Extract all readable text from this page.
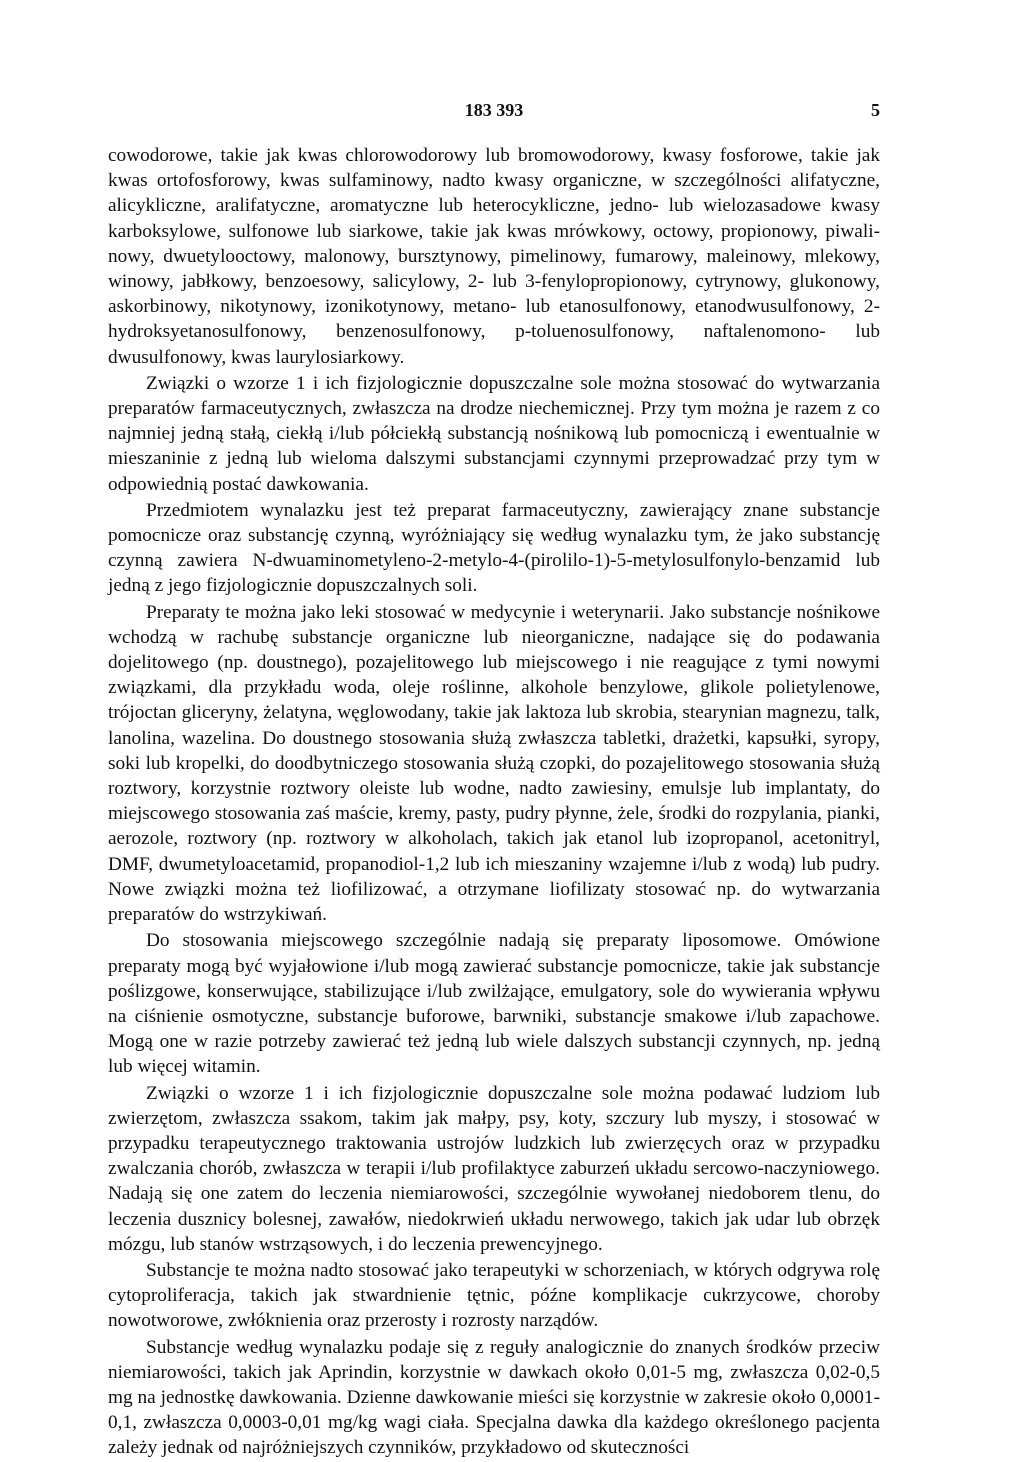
183 393	5

cowodorowe, takie jak kwas chlorowodorowy lub bromowodorowy, kwasy fosforowe, takie jak kwas ortofosforowy, kwas sulfaminowy, nadto kwasy organiczne, w szczególności alifatyczne, alicykliczne, aralifatyczne, aromatyczne lub heterocykliczne, jedno- lub wielozasadowe kwasy karboksylowe, sulfonowe lub siarkowe, takie jak kwas mrówkowy, octowy, propionowy, piwalinowy, dwuetylooctowy, malonowy, bursztynowy, pimelinowy, fumarowy, maleinowy, mlekowy, winowy, jabłkowy, benzoesowy, salicylowy, 2- lub 3-fenylopropionowy, cytrynowy, glukonowy, askorbinowy, nikotynowy, izonikotynowy, metano- lub etanosulfonowy, etanodwusulfonowy, 2-hydroksyetanosulfonowy, benzenosulfonowy, p-toluenosulfonowy, naftalenomono- lub dwusulfonowy, kwas laurylosiarkowy.

Związki o wzorze 1 i ich fizjologicznie dopuszczalne sole można stosować do wytwarzania preparatów farmaceutycznych, zwłaszcza na drodze niechemicznej. Przy tym można je razem z co najmniej jedną stałą, ciekłą i/lub półciekłą substancją nośnikową lub pomocniczą i ewentualnie w mieszaninie z jedną lub wieloma dalszymi substancjami czynnymi przeprowadzać przy tym w odpowiednią postać dawkowania.

Przedmiotem wynalazku jest też preparat farmaceutyczny, zawierający znane substancje pomocnicze oraz substancję czynną, wyróżniający się według wynalazku tym, że jako substancję czynną zawiera N-dwuaminometyleno-2-metylo-4-(pirolilo-1)-5-metylosulfonylo-benzamid lub jedną z jego fizjologicznie dopuszczalnych soli.

Preparaty te można jako leki stosować w medycynie i weterynarii. Jako substancje nośnikowe wchodzą w rachubę substancje organiczne lub nieorganiczne, nadające się do podawania dojelitowego (np. doustnego), pozajelitowego lub miejscowego i nie reagujące z tymi nowymi związkami, dla przykładu woda, oleje roślinne, alkohole benzylowe, glikole polietylenowe, trójoctan gliceryny, żelatyna, węglowodany, takie jak laktoza lub skrobia, stearynian magnezu, talk, lanolina, wazelina. Do doustnego stosowania służą zwłaszcza tabletki, drażetki, kapsułki, syropy, soki lub kropelki, do doodbytniczego stosowania służą czopki, do pozajelitowego stosowania służą roztwory, korzystnie roztwory oleiste lub wodne, nadto zawiesiny, emulsje lub implantaty, do miejscowego stosowania zaś maście, kremy, pasty, pudry płynne, żele, środki do rozpylania, pianki, aerozole, roztwory (np. roztwory w alkoholach, takich jak etanol lub izopropanol, acetonitryl, DMF, dwumetyloacetamid, propanodiol-1,2 lub ich mieszaniny wzajemne i/lub z wodą) lub pudry. Nowe związki można też liofilizować, a otrzymane liofilizaty stosować np. do wytwarzania preparatów do wstrzykiwań.

Do stosowania miejscowego szczególnie nadają się preparaty liposomowe. Omówione preparaty mogą być wyjałowione i/lub mogą zawierać substancje pomocnicze, takie jak substancje poślizgowe, konserwujące, stabilizujące i/lub zwilżające, emulgatory, sole do wywierania wpływu na ciśnienie osmotyczne, substancje buforowe, barwniki, substancje smakowe i/lub zapachowe. Mogą one w razie potrzeby zawierać też jedną lub wiele dalszych substancji czynnych, np. jedną lub więcej witamin.

Związki o wzorze 1 i ich fizjologicznie dopuszczalne sole można podawać ludziom lub zwierzętom, zwłaszcza ssakom, takim jak małpy, psy, koty, szczury lub myszy, i stosować w przypadku terapeutycznego traktowania ustrojów ludzkich lub zwierzęcych oraz w przypadku zwalczania chorób, zwłaszcza w terapii i/lub profilaktyce zaburzeń układu sercowo-naczyniowego. Nadają się one zatem do leczenia niemiarowości, szczególnie wywołanej niedoborem tlenu, do leczenia dusznicy bolesnej, zawałów, niedokrwień układu nerwowego, takich jak udar lub obrzęk mózgu, lub stanów wstrząsowych, i do leczenia prewencyjnego.

Substancje te można nadto stosować jako terapeutyki w schorzeniach, w których odgrywa rolę cytoproliferacja, takich jak stwardnienie tętnic, późne komplikacje cukrzycowe, choroby nowotworowe, zwłóknienia oraz przerosty i rozrosty narządów.

Substancje według wynalazku podaje się z reguły analogicznie do znanych środków przeciw niemiarowości, takich jak Aprindin, korzystnie w dawkach około 0,01-5 mg, zwłaszcza 0,02-0,5 mg na jednostkę dawkowania. Dzienne dawkowanie mieści się korzystnie w zakresie około 0,0001-0,1, zwłaszcza 0,0003-0,01 mg/kg wagi ciała. Specjalna dawka dla każdego określonego pacjenta zależy jednak od najróżniejszych czynników, przykładowo od skuteczności
